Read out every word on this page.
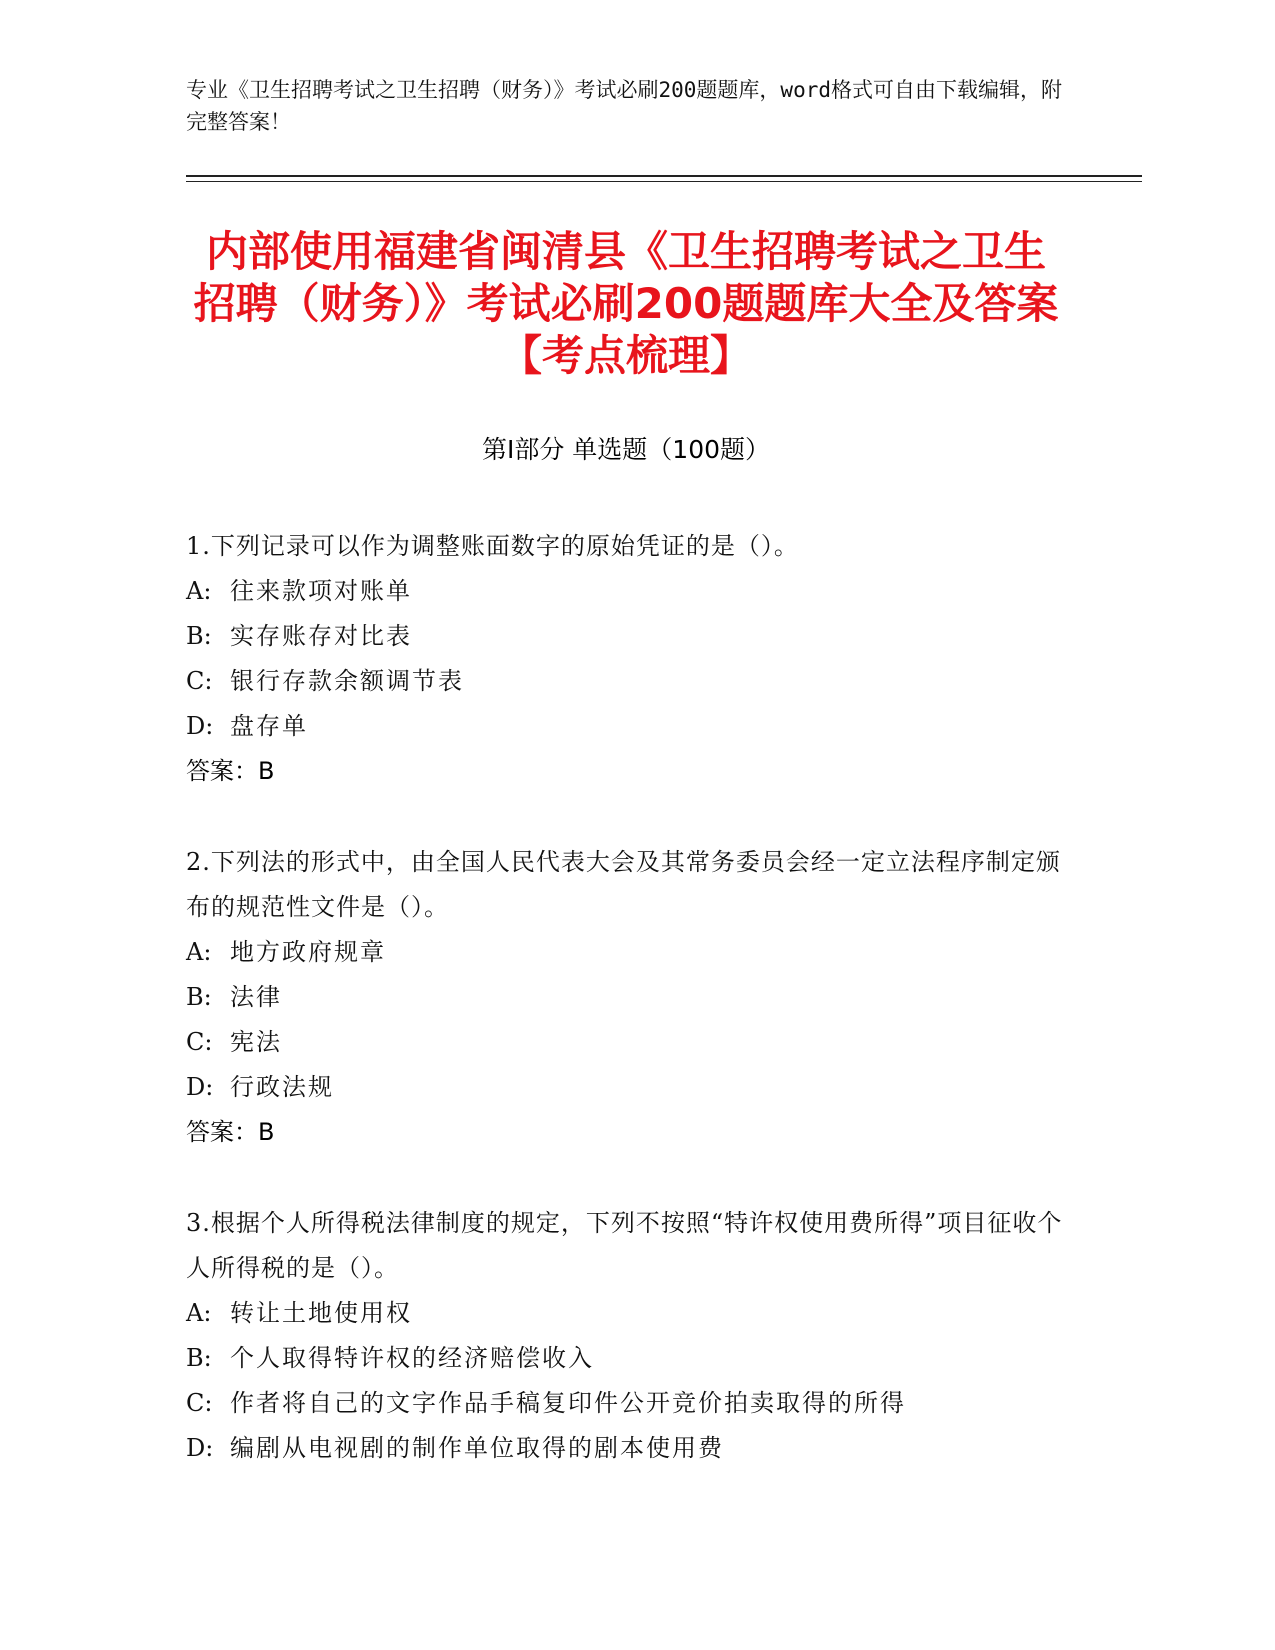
专业《卫生招聘考试之卫生招聘（财务）》考试必刷200题题库，word格式可自由下载编辑，附完整答案！
内部使用福建省闽清县《卫生招聘考试之卫生招聘（财务）》考试必刷200题题库大全及答案【考点梳理】
第Ⅰ部分 单选题（100题）
1.下列记录可以作为调整账面数字的原始凭证的是（）。
A: 往来款项对账单
B: 实存账存对比表
C: 银行存款余额调节表
D: 盘存单
答案：B
2.下列法的形式中，由全国人民代表大会及其常务委员会经一定立法程序制定颁布的规范性文件是（）。
A: 地方政府规章
B: 法律
C: 宪法
D: 行政法规
答案：B
3.根据个人所得税法律制度的规定，下列不按照“特许权使用费所得”项目征收个人所得税的是（）。
A: 转让土地使用权
B: 个人取得特许权的经济赔偿收入
C: 作者将自己的文字作品手稿复印件公开竞价拍卖取得的所得
D: 编剧从电视剧的制作单位取得的剧本使用费
